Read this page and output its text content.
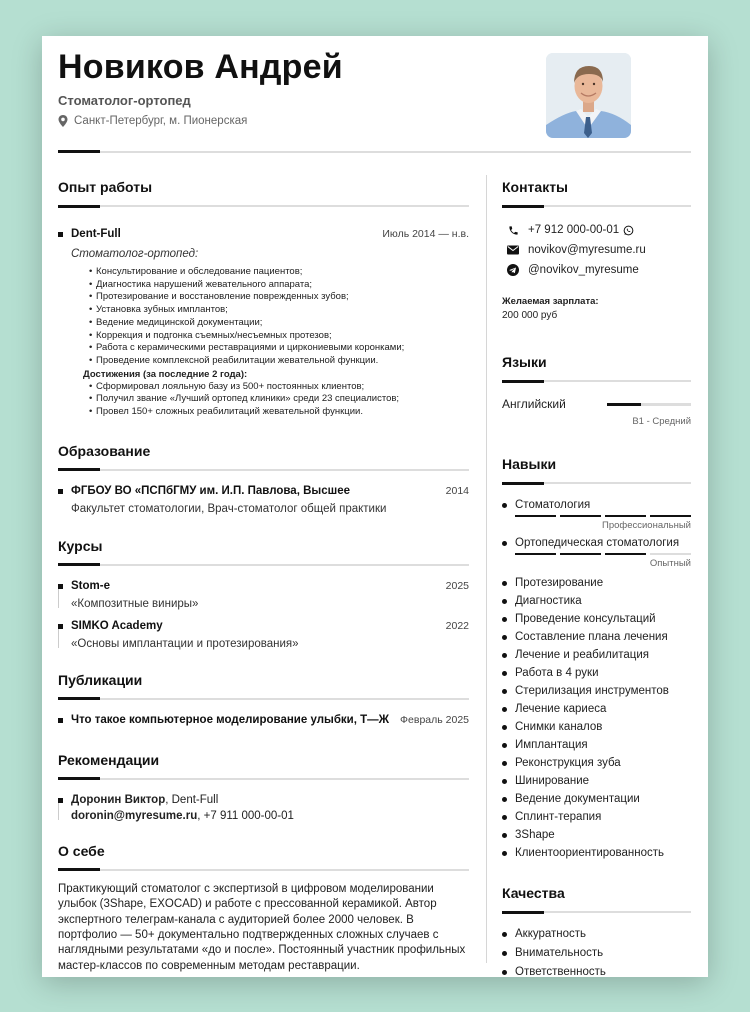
Новиков Андрей
Стоматолог-ортопед
Санкт-Петербург, м. Пионерская
Опыт работы
Dent-Full	Июль 2014 — н.в.
Стоматолог-ортопед:
• Консультирование и обследование пациентов;
• Диагностика нарушений жевательного аппарата;
• Протезирование и восстановление поврежденных зубов;
• Установка зубных имплантов;
• Ведение медицинской документации;
• Коррекция и подгонка съемных/несъемных протезов;
• Работа с керамическими реставрациями и циркониевыми коронками;
• Проведение комплексной реабилитации жевательной функции.
Достижения (за последние 2 года):
• Сформировал лояльную базу из 500+ постоянных клиентов;
• Получил звание «Лучший ортопед клиники» среди 23 специалистов;
• Провел 150+ сложных реабилитаций жевательной функции.
Образование
ФГБОУ ВО «ПСПбГМУ им. И.П. Павлова, Высшее	2014
Факультет стоматологии, Врач-стоматолог общей практики
Курсы
Stom-e	2025
«Композитные виниры»
SIMKO Academy	2022
«Основы имплантации и протезирования»
Публикации
Что такое компьютерное моделирование улыбки, Т—Ж	Февраль 2025
Рекомендации
Доронин Виктор, Dent-Full
doronin@myresume.ru, +7 911 000-00-01
О себе
Практикующий стоматолог с экспертизой в цифровом моделировании улыбок (3Shape, EXOCAD) и работе с прессованной керамикой. Автор экспертного телеграм-канала с аудиторией более 2000 человек. В портфолио — 50+ документально подтвержденных сложных случаев с наглядными результатами «до и после». Постоянный участник профильных мастер-классов по современным методам реставрации.
Контакты
+7 912 000-00-01
novikov@myresume.ru
@novikov_myresume
Желаемая зарплата:
200 000 руб
Языки
Английский
B1 - Средний
Навыки
Стоматология
Профессиональный
Ортопедическая стоматология
Опытный
Протезирование
Диагностика
Проведение консультаций
Составление плана лечения
Лечение и реабилитация
Работа в 4 руки
Стерилизация инструментов
Лечение кариеса
Снимки каналов
Имплантация
Реконструкция зуба
Шинирование
Ведение документации
Сплинт-терапия
3Shape
Клиентоориентированность
Качества
Аккуратность
Внимательность
Ответственность
